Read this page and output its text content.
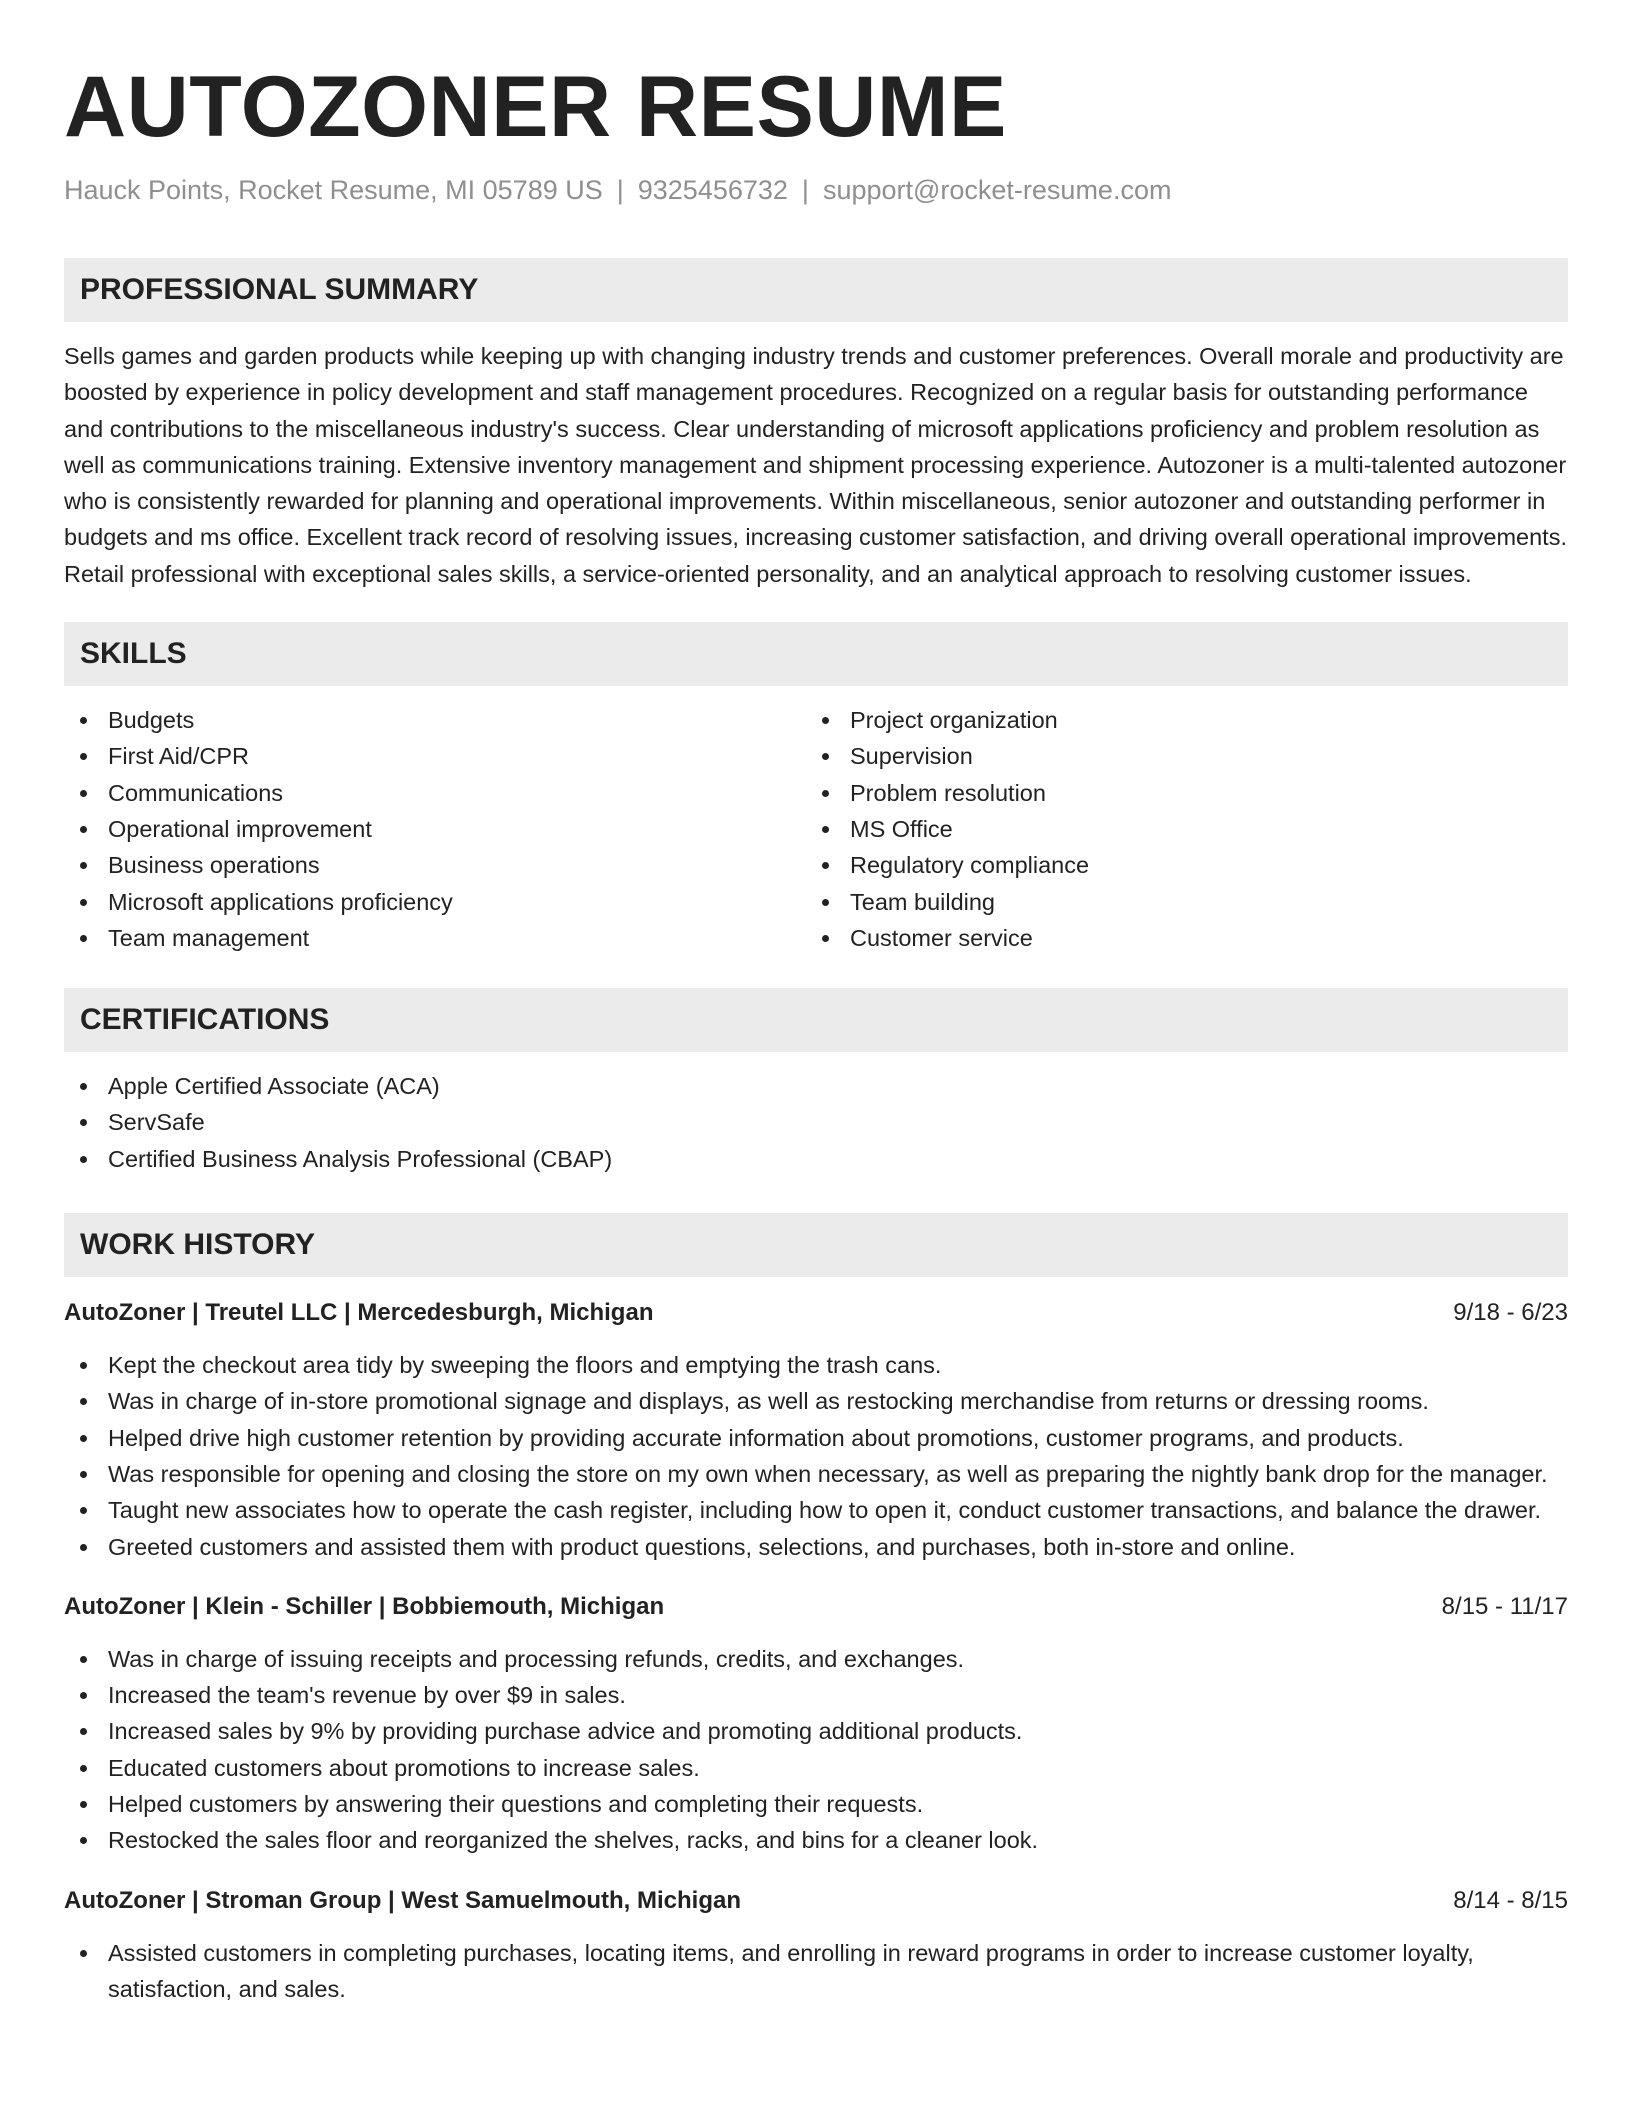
AUTOZONER RESUME
Hauck Points, Rocket Resume, MI 05789 US | 9325456732 | support@rocket-resume.com
PROFESSIONAL SUMMARY

Sells games and garden products while keeping up with changing industry trends and customer preferences. Overall morale and productivity are boosted by experience in policy development and staff management procedures. Recognized on a regular basis for outstanding performance and contributions to the miscellaneous industry's success. Clear understanding of microsoft applications proficiency and problem resolution as well as communications training. Extensive inventory management and shipment processing experience. Autozoner is a multi-talented autozoner who is consistently rewarded for planning and operational improvements. Within miscellaneous, senior autozoner and outstanding performer in budgets and ms office. Excellent track record of resolving issues, increasing customer satisfaction, and driving overall operational improvements. Retail professional with exceptional sales skills, a service-oriented personality, and an analytical approach to resolving customer issues.

SKILLS
Budgets
First Aid/CPR
Communications
Operational improvement
Business operations
Microsoft applications proficiency
Team management
Project organization
Supervision
Problem resolution
MS Office
Regulatory compliance
Team building
Customer service
CERTIFICATIONS
Apple Certified Associate (ACA)
ServSafe
Certified Business Analysis Professional (CBAP)
WORK HISTORY
AutoZoner | Treutel LLC | Mercedesburgh, Michigan	9/18 - 6/23
Kept the checkout area tidy by sweeping the floors and emptying the trash cans.
Was in charge of in-store promotional signage and displays, as well as restocking merchandise from returns or dressing rooms.
Helped drive high customer retention by providing accurate information about promotions, customer programs, and products.
Was responsible for opening and closing the store on my own when necessary, as well as preparing the nightly bank drop for the manager.
Taught new associates how to operate the cash register, including how to open it, conduct customer transactions, and balance the drawer.
Greeted customers and assisted them with product questions, selections, and purchases, both in-store and online.
AutoZoner | Klein - Schiller | Bobbiemouth, Michigan	8/15 - 11/17
Was in charge of issuing receipts and processing refunds, credits, and exchanges.
Increased the team's revenue by over $9 in sales.
Increased sales by 9% by providing purchase advice and promoting additional products.
Educated customers about promotions to increase sales.
Helped customers by answering their questions and completing their requests.
Restocked the sales floor and reorganized the shelves, racks, and bins for a cleaner look.
AutoZoner | Stroman Group | West Samuelmouth, Michigan	8/14 - 8/15
Assisted customers in completing purchases, locating items, and enrolling in reward programs in order to increase customer loyalty, satisfaction, and sales.
